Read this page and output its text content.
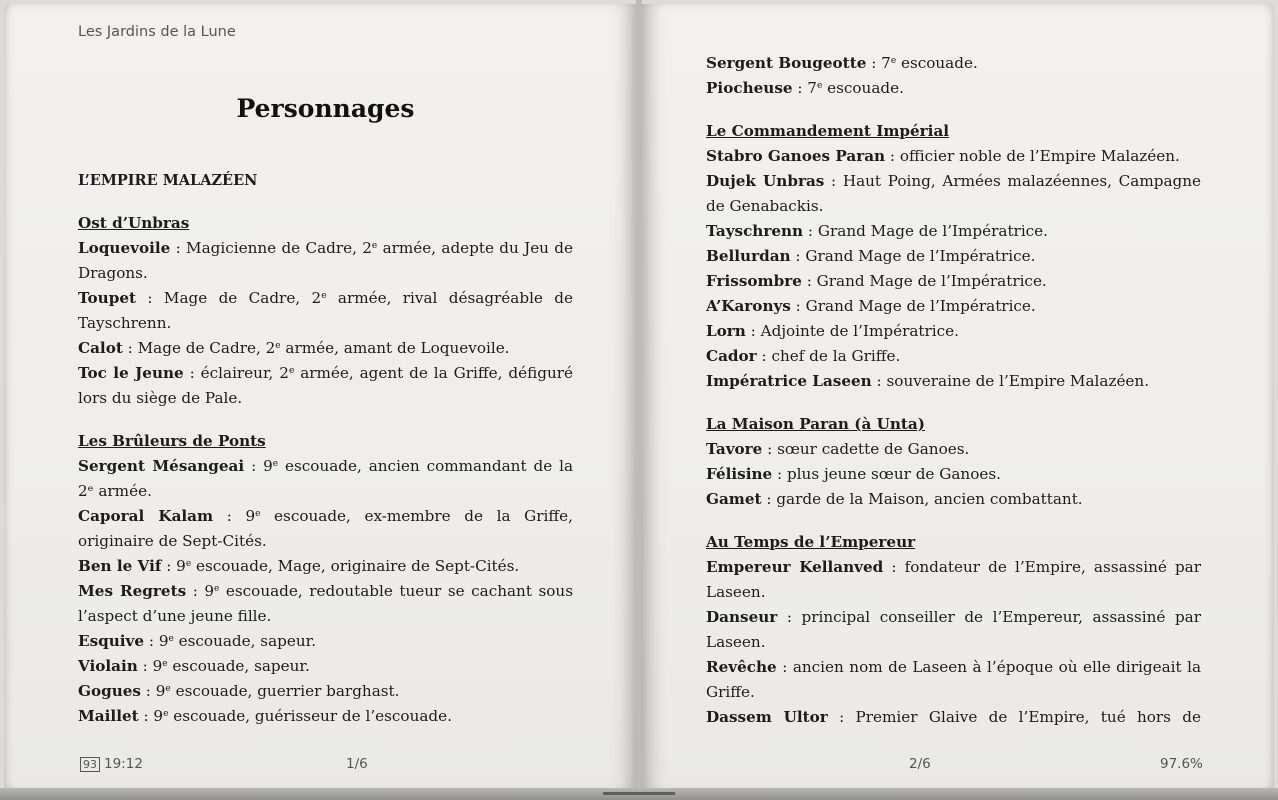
Les Jardins de la Lune
Personnages
L’EMPIRE MALAZÉEN
Ost d’Unbras

Loquevoile : Magicienne de Cadre, 2e armée, adepte du Jeu de Dragons.

Toupet : Mage de Cadre, 2e armée, rival désagréable de Tayschrenn.

Calot : Mage de Cadre, 2e armée, amant de Loquevoile.

Toc le Jeune : éclaireur, 2e armée, agent de la Griffe, défiguré lors du siège de Pale.

Les Brûleurs de Ponts

Sergent Mésangeai : 9e escouade, ancien commandant de la 2ᵉ armée.

Caporal Kalam : 9e escouade, ex-membre de la Griffe, originaire de Sept-Cités.

Ben le Vif : 9e escouade, Mage, originaire de Sept-Cités.

Mes Regrets : 9e escouade, redoutable tueur se cachant sous l’aspect d’une jeune fille.

Esquive : 9e escouade, sapeur.

Violain : 9e escouade, sapeur.

Gogues : 9e escouade, guerrier barghast.

Maillet : 9e escouade, guérisseur de l’escouade.

93 19:12	1/6

Sergent Bougeotte : 7e escouade.

Piocheuse : 7e escouade.

Le Commandement Impérial

Stabro Ganoes Paran : officier noble de l’Empire Malazéen.

Dujek Unbras : Haut Poing, Armées malazéennes, Campagne de Genabackis.

Tayschrenn : Grand Mage de l’Impératrice.

Bellurdan : Grand Mage de l’Impératrice.

Frissombre : Grand Mage de l’Impératrice.

A’Karonys : Grand Mage de l’Impératrice.

Lorn : Adjointe de l’Impératrice.

Cador : chef de la Griffe.

Impératrice Laseen : souveraine de l’Empire Malazéen.

La Maison Paran (à Unta)

Tavore : sœur cadette de Ganoes.

Félisine : plus jeune sœur de Ganoes.

Gamet : garde de la Maison, ancien combattant.

Au Temps de l’Empereur

Empereur Kellanved : fondateur de l’Empire, assassiné par Laseen.

Danseur : principal conseiller de l’Empereur, assassiné par Laseen.

Revêche : ancien nom de Laseen à l’époque où elle dirigeait la Griffe.

Dassem Ultor : Premier Glaive de l’Empire, tué hors de

2/6	97.6%
